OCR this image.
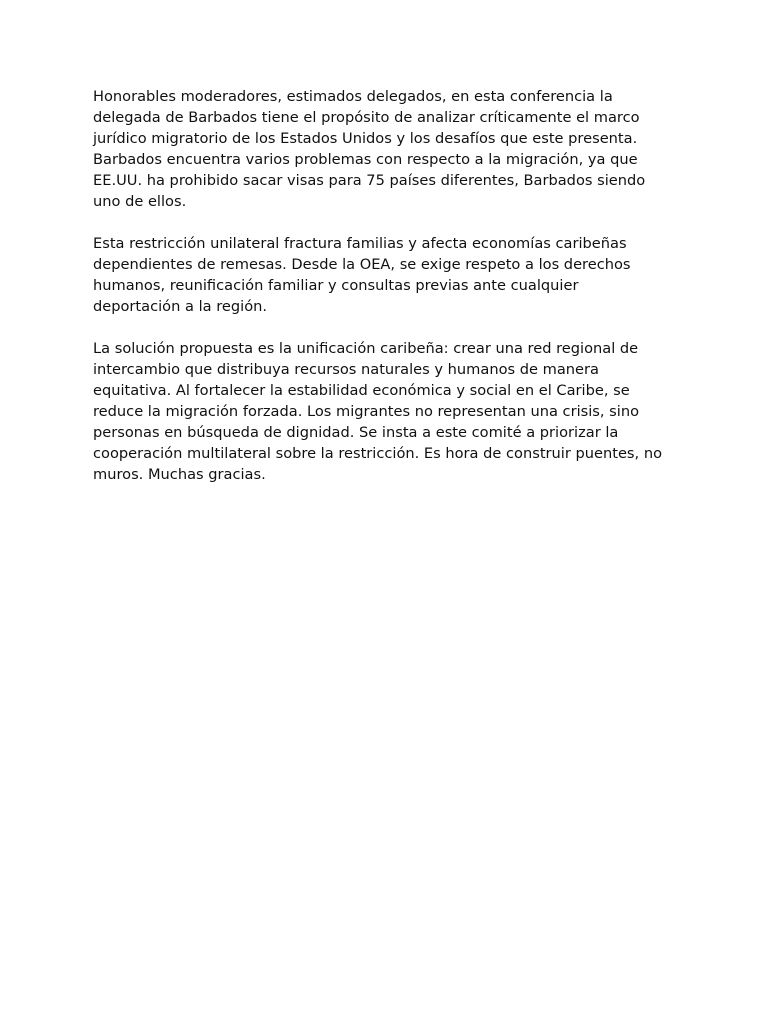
Honorables moderadores, estimados delegados, en esta conferencia la
delegada de Barbados tiene el propósito de analizar críticamente el marco
jurídico migratorio de los Estados Unidos y los desafíos que este presenta.
Barbados encuentra varios problemas con respecto a la migración, ya que
EE.UU. ha prohibido sacar visas para 75 países diferentes, Barbados siendo
uno de ellos.

Esta restricción unilateral fractura familias y afecta economías caribeñas
dependientes de remesas. Desde la OEA, se exige respeto a los derechos
humanos, reunificación familiar y consultas previas ante cualquier
deportación a la región.

La solución propuesta es la unificación caribeña: crear una red regional de
intercambio que distribuya recursos naturales y humanos de manera
equitativa. Al fortalecer la estabilidad económica y social en el Caribe, se
reduce la migración forzada. Los migrantes no representan una crisis, sino
personas en búsqueda de dignidad. Se insta a este comité a priorizar la
cooperación multilateral sobre la restricción. Es hora de construir puentes, no
muros. Muchas gracias.
